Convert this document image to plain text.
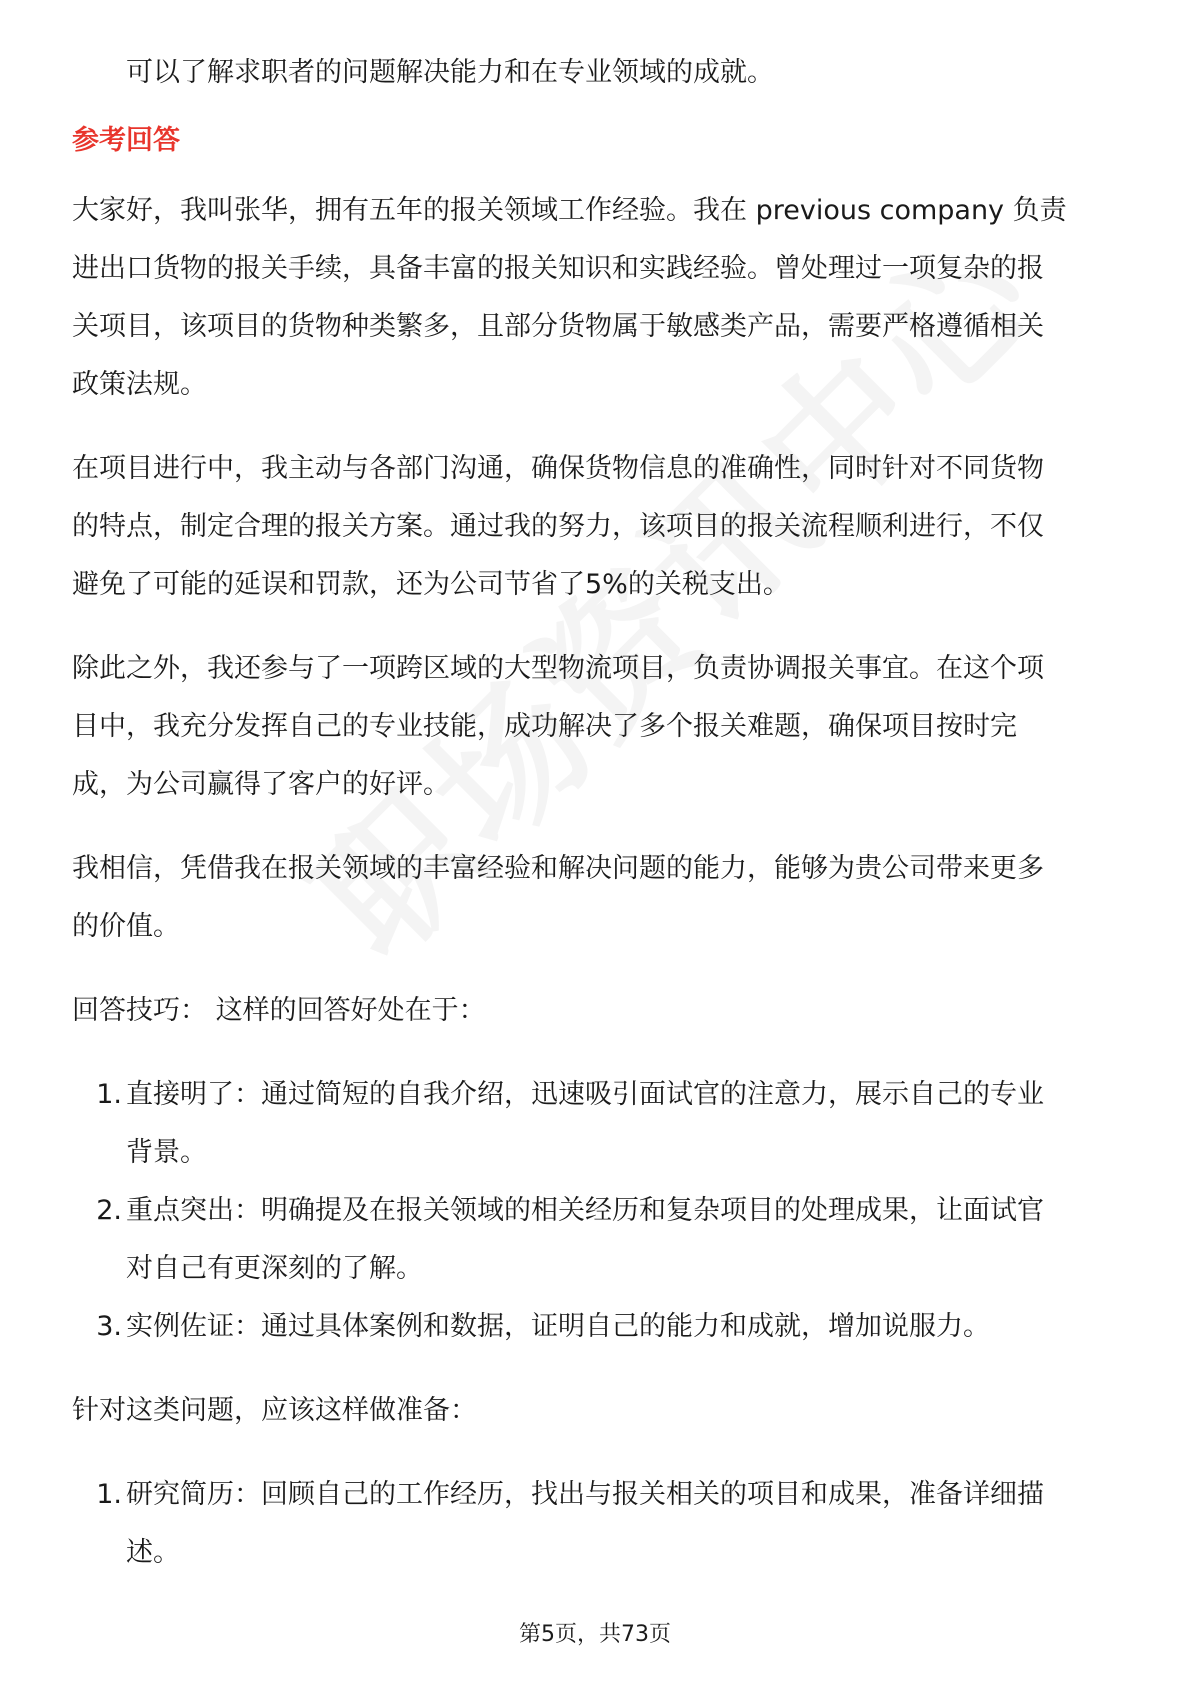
可以了解求职者的问题解决能力和在专业领域的成就。

参考回答

大家好，我叫张华，拥有五年的报关领域工作经验。我在 previous company 负责

进出口货物的报关手续，具备丰富的报关知识和实践经验。曾处理过一项复杂的报

关项目，该项目的货物种类繁多，且部分货物属于敏感类产品，需要严格遵循相关

政策法规。

在项目进行中，我主动与各部门沟通，确保货物信息的准确性，同时针对不同货物

的特点，制定合理的报关方案。通过我的努力，该项目的报关流程顺利进行，不仅

避免了可能的延误和罚款，还为公司节省了5%的关税支出。

除此之外，我还参与了一项跨区域的大型物流项目，负责协调报关事宜。在这个项

目中，我充分发挥自己的专业技能，成功解决了多个报关难题，确保项目按时完

成，为公司赢得了客户的好评。

我相信，凭借我在报关领域的丰富经验和解决问题的能力，能够为贵公司带来更多

的价值。

回答技巧： 这样的回答好处在于：

1. 直接明了：通过简短的自我介绍，迅速吸引面试官的注意力，展示自己的专业

背景。

2. 重点突出：明确提及在报关领域的相关经历和复杂项目的处理成果，让面试官

对自己有更深刻的了解。

3. 实例佐证：通过具体案例和数据，证明自己的能力和成就，增加说服力。

针对这类问题，应该这样做准备：

1. 研究简历：回顾自己的工作经历，找出与报关相关的项目和成果，准备详细描

述。

第5页，共73页
